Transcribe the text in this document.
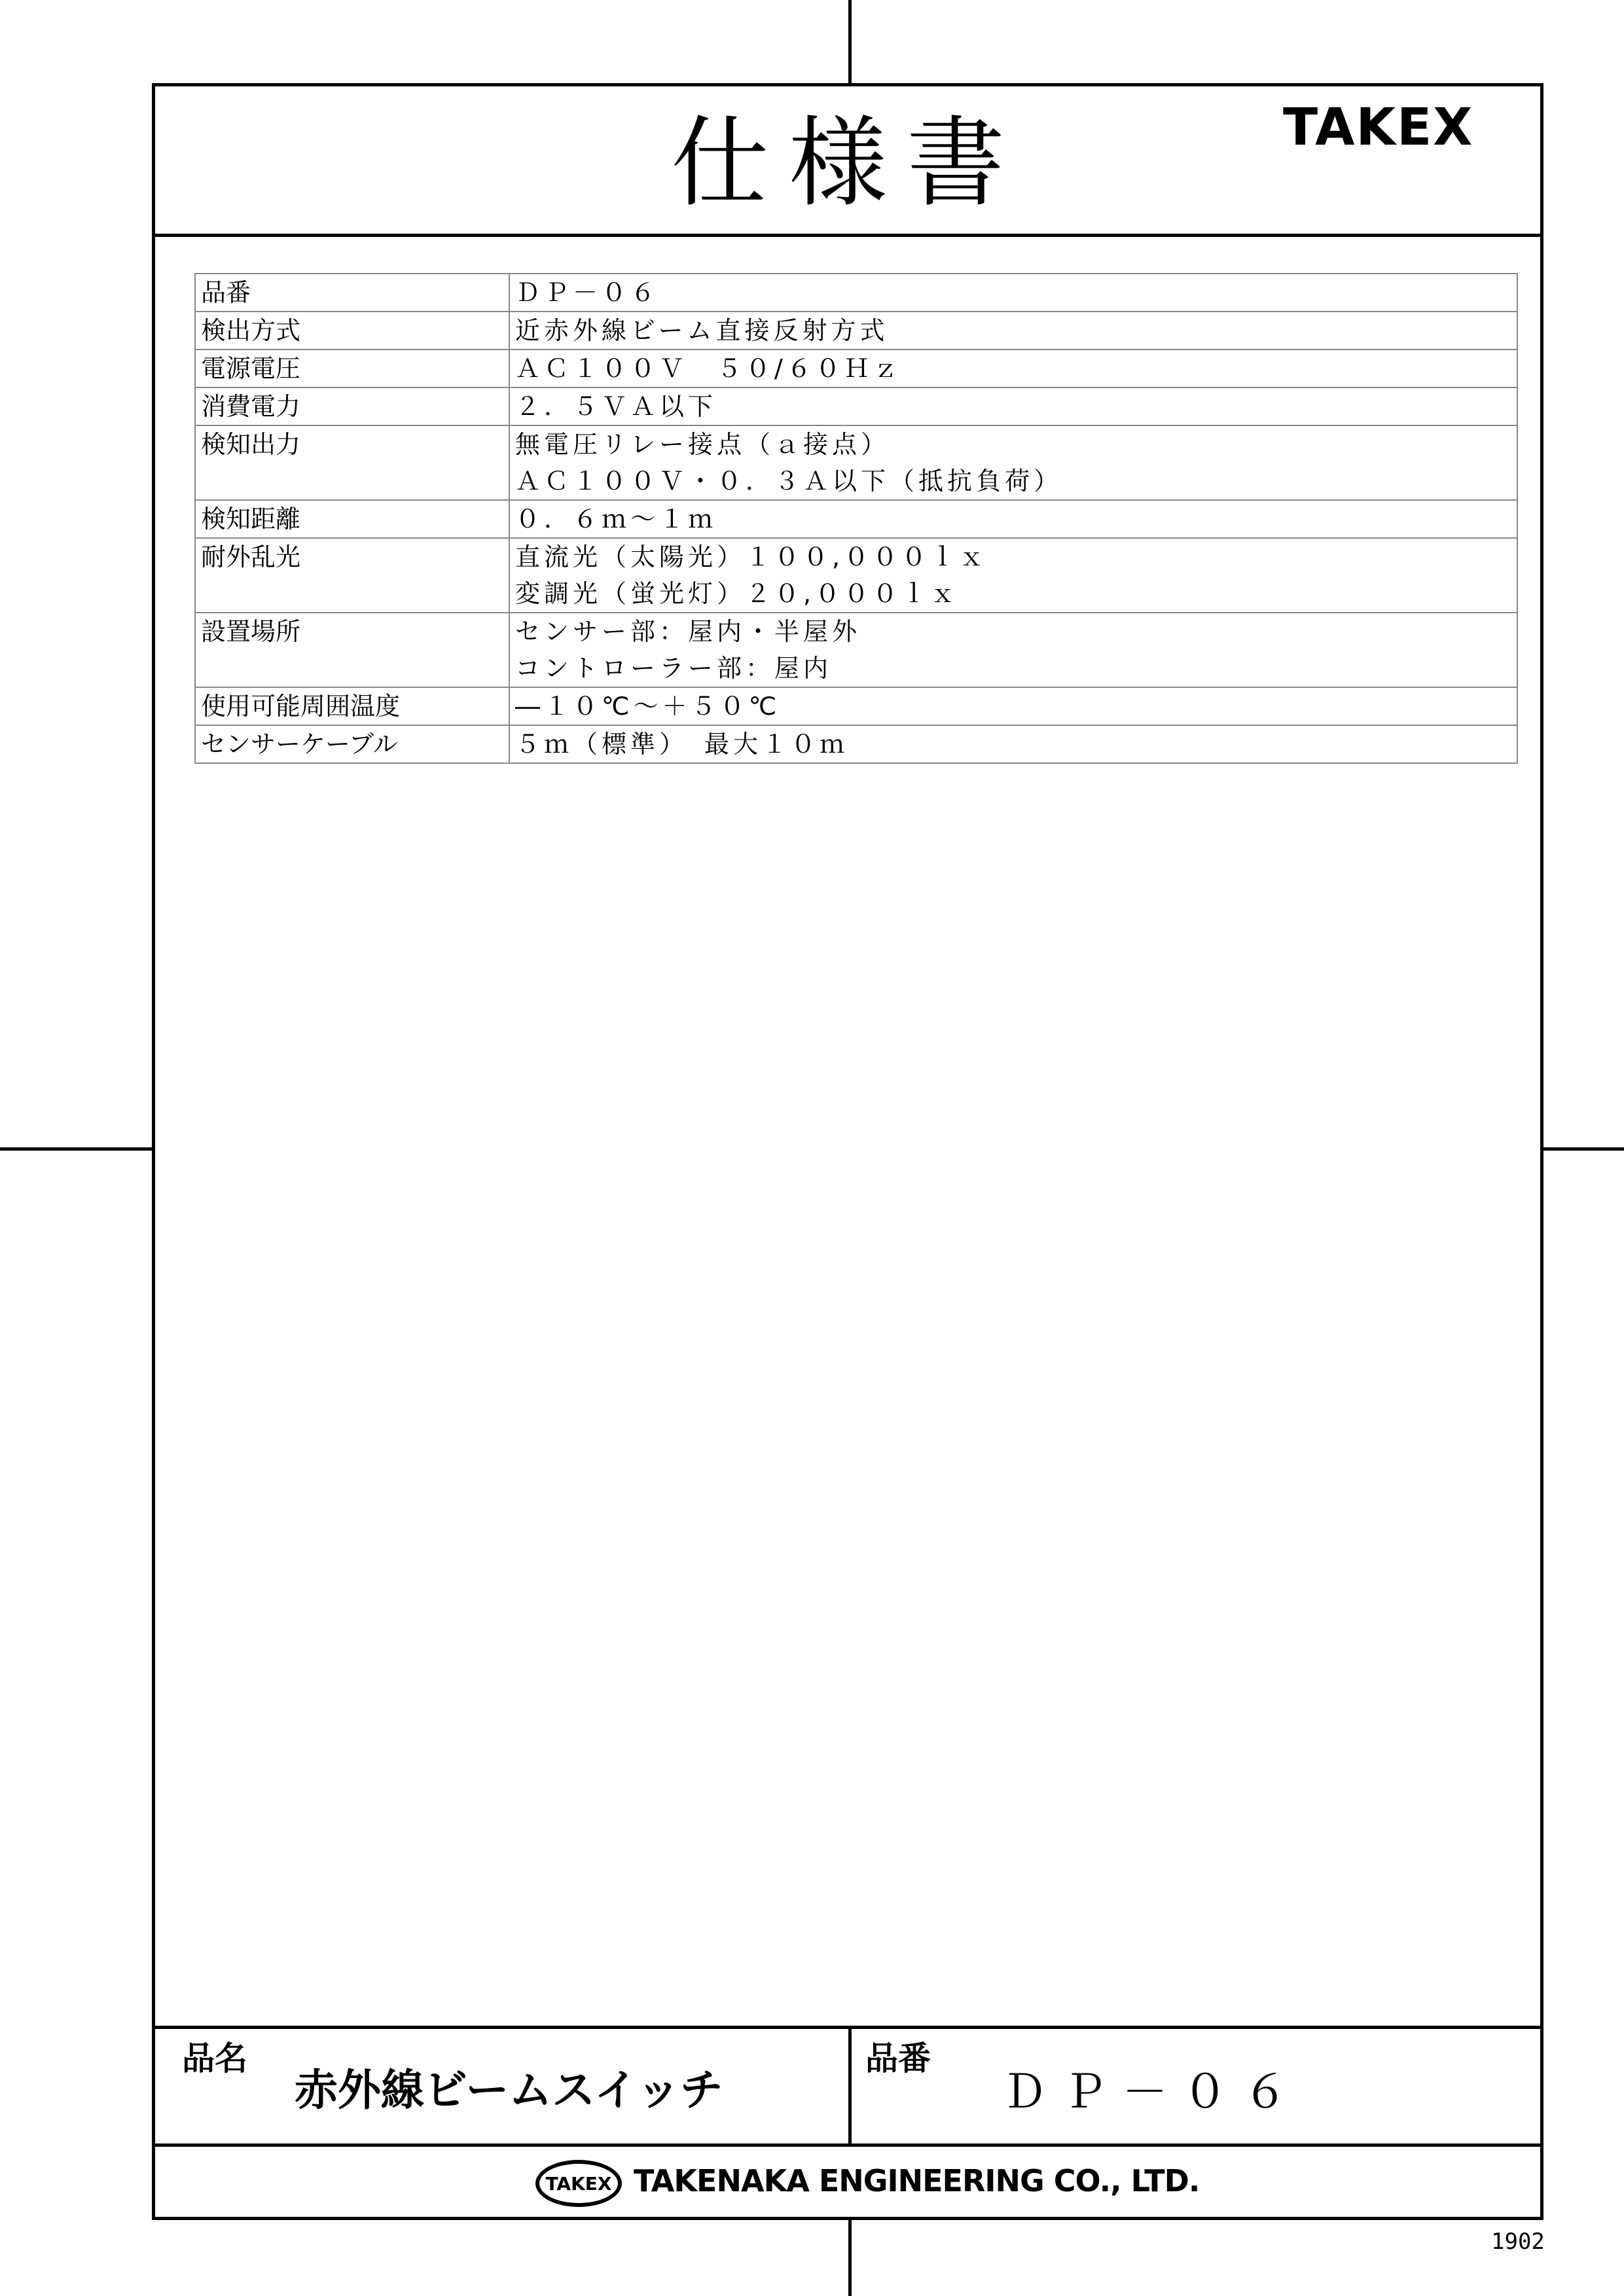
仕様書	TAKEX
品番	ＤＰ－０６

検出方式	近赤外線ビーム直接反射方式

電源電圧	ＡＣ１００Ｖ　５０/６０Ｈｚ

消費電力	２．５ＶＡ以下

検知出力	無電圧リレー接点（ａ接点）
ＡＣ１００Ｖ・０．３Ａ以下（抵抗負荷）

検知距離	０．６ｍ～１ｍ

耐外乱光	直流光（太陽光）１００,０００ｌｘ
変調光（蛍光灯）２０,０００ｌｘ

設置場所	センサー部：屋内・半屋外
コントローラー部：屋内

使用可能周囲温度	―１０℃～＋５０℃

センサーケーブル	５ｍ（標準）　最大１０ｍ
品名
赤外線ビームスイッチ
品番
ＤＰ－０６
TAKEX TAKENAKA ENGINEERING CO., LTD.
1902
